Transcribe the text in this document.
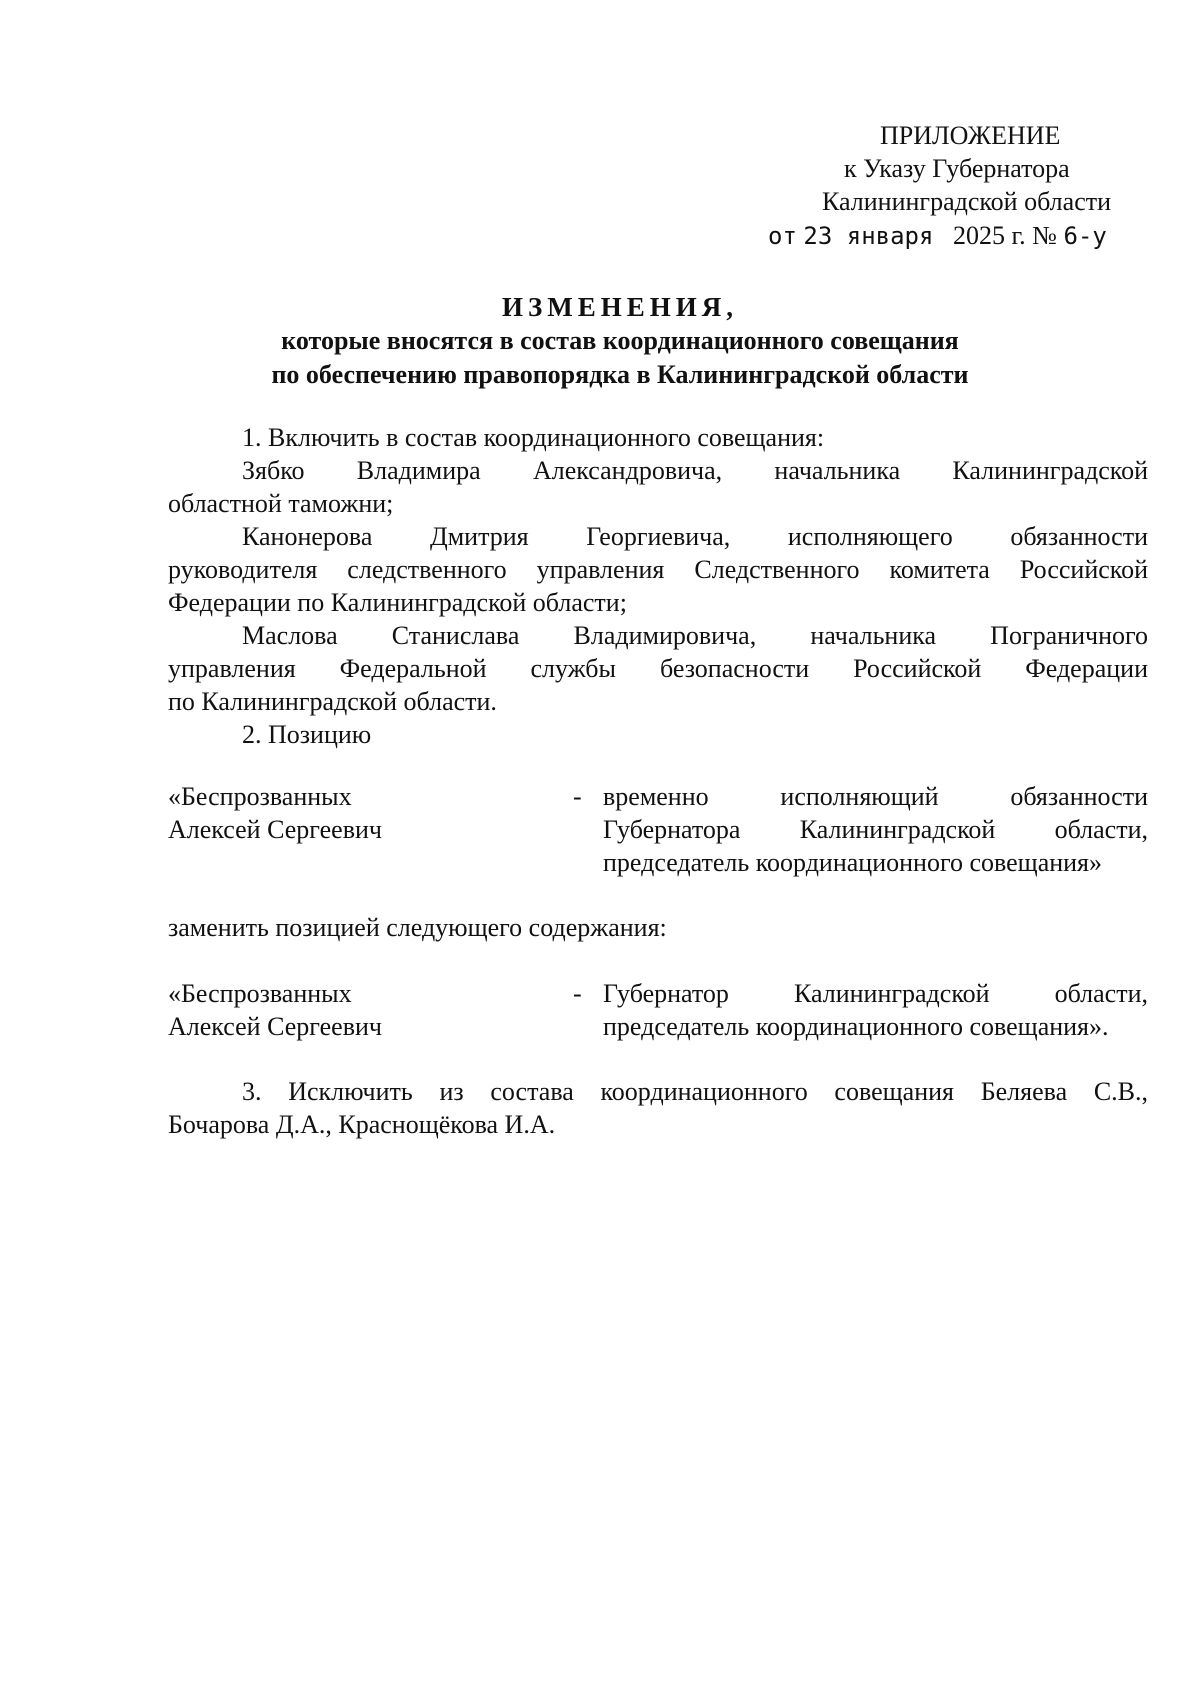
ПРИЛОЖЕНИЕ
к Указу Губернатора
Калининградской области
от 23 января 2025 г. № 6-у
ИЗМЕНЕНИЯ,
которые вносятся в состав координационного совещания
по обеспечению правопорядка в Калининградской области
1. Включить в состав координационного совещания:
Зябко Владимира Александровича, начальника Калининградской
областной таможни;
Канонерова Дмитрия Георгиевича, исполняющего обязанности
руководителя следственного управления Следственного комитета Российской
Федерации по Калининградской области;
Маслова Станислава Владимировича, начальника Пограничного
управления Федеральной службы безопасности Российской Федерации
по Калининградской области.
2. Позицию
«Беспрозванных
Алексей Сергеевич
- временно исполняющий обязанности
Губернатора Калининградской области,
председатель координационного совещания»
заменить позицией следующего содержания:
«Беспрозванных
Алексей Сергеевич
- Губернатор Калининградской области,
председатель координационного совещания».
3. Исключить из состава координационного совещания Беляева С.В.,
Бочарова Д.А., Краснощёкова И.А.
